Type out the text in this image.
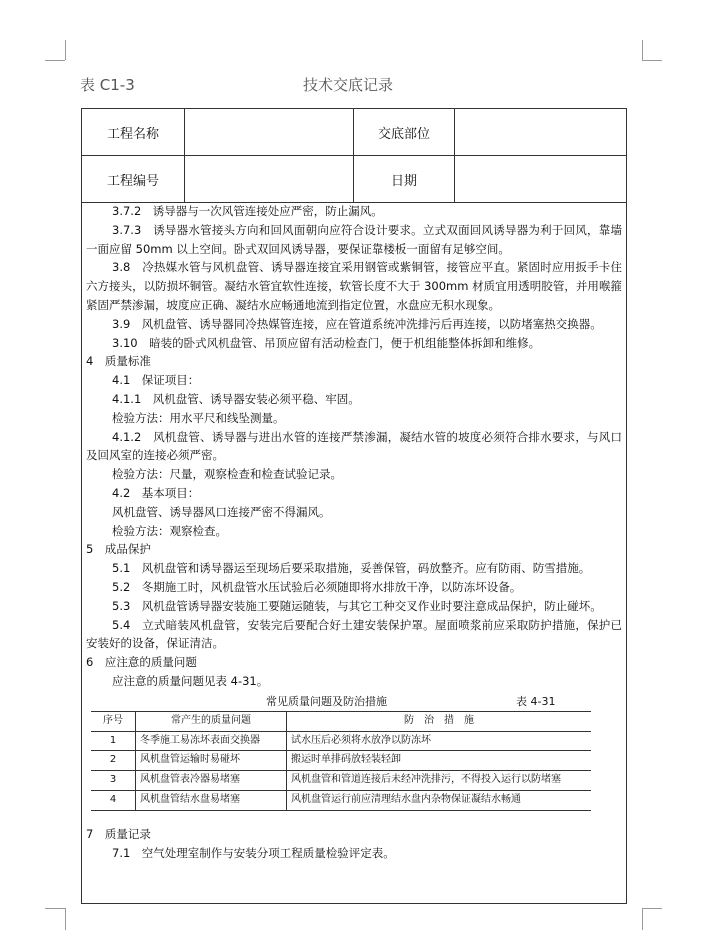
表 C1-3	技术交底记录
工程名称		交底部位	
工程编号		日期	

3.7.2　诱导器与一次风管连接处应严密，防止漏风。

3.7.3　诱导器水管接头方向和回风面朝向应符合设计要求。立式双面回风诱导器为利于回风，靠墙一面应留 50mm 以上空间。卧式双回风诱导器，要保证靠楼板一面留有足够空间。

3.8　冷热媒水管与风机盘管、诱导器连接宜采用钢管或紫铜管，接管应平直。紧固时应用扳手卡住六方接头，以防损坏铜管。凝结水管宜软性连接，软管长度不大于 300mm 材质宜用透明胶管，并用喉箍紧固严禁渗漏，坡度应正确、凝结水应畅通地流到指定位置，水盘应无积水现象。

3.9　风机盘管、诱导器同冷热媒管连接，应在管道系统冲洗排污后再连接，以防堵塞热交换器。

3.10　暗装的卧式风机盘管、吊顶应留有活动检查门，便于机组能整体拆卸和维修。

4　质量标准

4.1　保证项目：

4.1.1　风机盘管、诱导器安装必须平稳、牢固。

检验方法：用水平尺和线坠测量。

4.1.2　风机盘管、诱导器与进出水管的连接严禁渗漏，凝结水管的坡度必须符合排水要求，与风口及回风室的连接必须严密。

检验方法：尺量，观察检查和检查试验记录。

4.2　基本项目：

风机盘管、诱导器风口连接严密不得漏风。

检验方法：观察检查。

5　成品保护

5.1　风机盘管和诱导器运至现场后要采取措施，妥善保管，码放整齐。应有防雨、防雪措施。

5.2　冬期施工时，风机盘管水压试验后必须随即将水排放干净，以防冻坏设备。

5.3　风机盘管诱导器安装施工要随运随装，与其它工种交叉作业时要注意成品保护，防止碰坏。

5.4　立式暗装风机盘管，安装完后要配合好土建安装保护罩。屋面喷浆前应采取防护措施，保护已安装好的设备，保证清洁。

6　应注意的质量问题

应注意的质量问题见表 4-31。

常见质量问题及防治措施	表 4-31
序号	常产生的质量问题	防　治　措　施
1	冬季施工易冻坏表面交换器	试水压后必须将水放净以防冻坏
2	风机盘管运输时易碰坏	搬运时单排码放轻装轻卸
3	风机盘管表冷器易堵塞	风机盘管和管道连接后未经冲洗排污，不得投入运行以防堵塞
4	风机盘管结水盘易堵塞	风机盘管运行前应清理结水盘内杂物保证凝结水畅通

7　质量记录

7.1　空气处理室制作与安装分项工程质量检验评定表。
